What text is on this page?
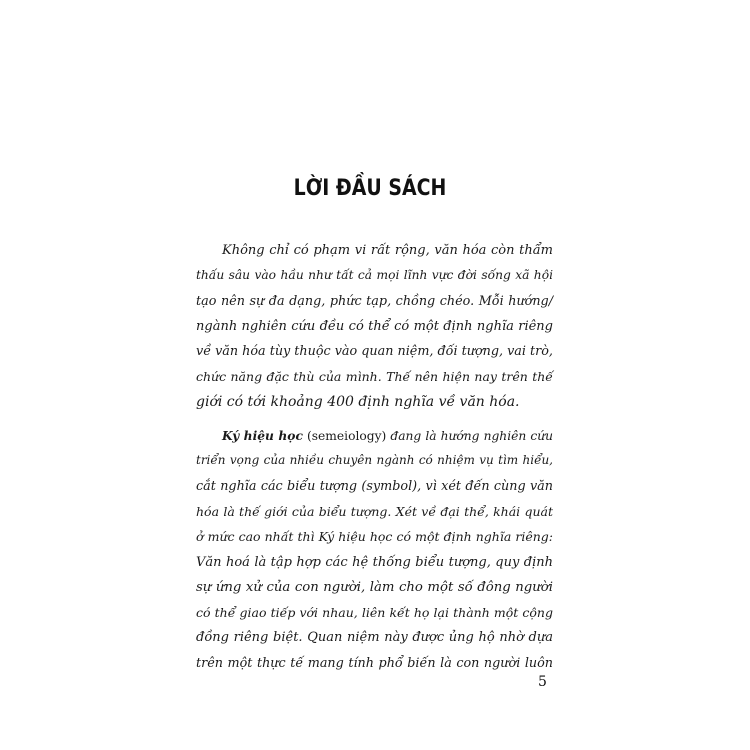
LỜI ĐẦU SÁCH
Không chỉ có phạm vi rất rộng, văn hóa còn thẩm
thấu sâu vào hầu như tất cả mọi lĩnh vực đời sống xã hội
tạo nên sự đa dạng, phức tạp, chồng chéo. Mỗi hướng/
ngành nghiên cứu đều có thể có một định nghĩa riêng
về văn hóa tùy thuộc vào quan niệm, đối tượng, vai trò,
chức năng đặc thù của mình. Thế nên hiện nay trên thế
giới có tới khoảng 400 định nghĩa về văn hóa.
Ký hiệu học (semeiology) đang là hướng nghiên cứu
triển vọng của nhiều chuyên ngành có nhiệm vụ tìm hiểu,
cắt nghĩa các biểu tượng (symbol), vì xét đến cùng văn
hóa là thế giới của biểu tượng. Xét về đại thể, khái quát
ở mức cao nhất thì Ký hiệu học có một định nghĩa riêng:
Văn hoá là tập hợp các hệ thống biểu tượng, quy định
sự ứng xử của con người, làm cho một số đông người
có thể giao tiếp với nhau, liên kết họ lại thành một cộng
đồng riêng biệt. Quan niệm này được ủng hộ nhờ dựa
trên một thực tế mang tính phổ biến là con người luôn
5
